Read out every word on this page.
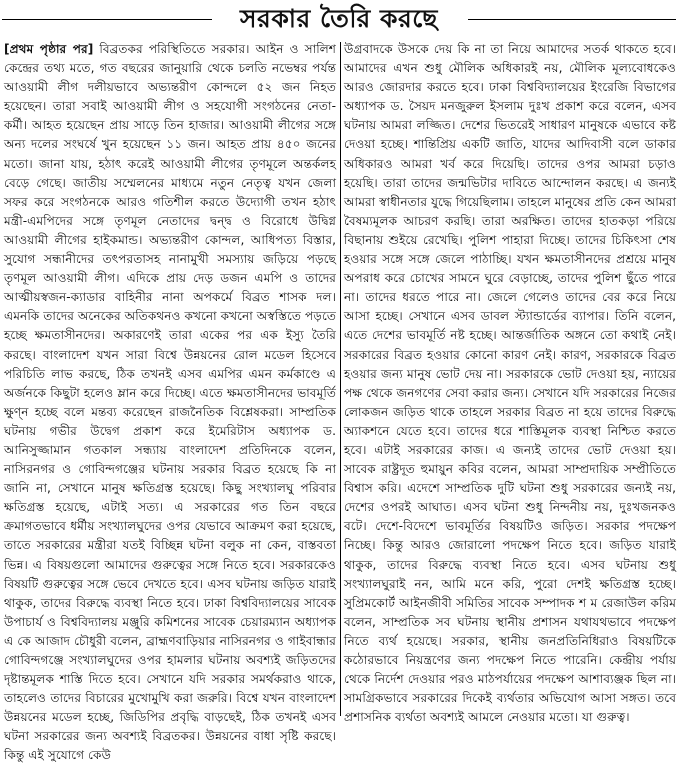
সরকার তৈরি করছে

[প্রথম পৃষ্ঠার পর] বিব্রতকর পরিস্থিতিতে সরকার। আইন ও সালিশ কেন্দ্রের তথ্য মতে, গত বছরের জানুয়ারি থেকে চলতি নভেম্বর পর্যন্ত আওয়ামী লীগ দলীয়ভাবে অভ্যন্তরীণ কোন্দলে ৫২ জন নিহত হয়েছেন। তারা সবাই আওয়ামী লীগ ও সহযোগী সংগঠনের নেতা-কর্মী। আহত হয়েছেন প্রায় সাড়ে তিন হাজার। আওয়ামী লীগের সঙ্গে অন্য দলের সংঘর্ষে খুন হয়েছেন ১১ জন। আহত প্রায় ৪৫০ জনের মতো। জানা যায়, হঠাৎ করেই আওয়ামী লীগের তৃণমূলে অন্তর্কলহ বেড়ে গেছে। জাতীয় সম্মেলনের মাধ্যমে নতুন নেতৃত্ব যখন জেলা সফর করে সংগঠনকে আরও গতিশীল করতে উদ্যোগী তখন হঠাৎ মন্ত্রী-এমপিদের সঙ্গে তৃণমূল নেতাদের দ্বন্দ্ব ও বিরোধে উদ্বিগ্ন আওয়ামী লীগের হাইকমান্ড। অভ্যন্তরীণ কোন্দল, আধিপত্য বিস্তার, সুযোগ সন্ধানীদের তৎপরতাসহ নানামুখী সমস্যায় জড়িয়ে পড়ছে তৃণমূল আওয়ামী লীগ। এদিকে প্রায় দেড় ডজন এমপি ও তাদের আত্মীয়স্বজন-ক্যাডার বাহিনীর নানা অপকর্মে বিব্রত শাসক দল। এমনকি তাদের অনেকের অতিকথনও কখনো কখনো অস্বস্তিতে পড়তে হচ্ছে ক্ষমতাসীনদের। অকারণেই তারা একের পর এক ইস্যু তৈরি করছে। বাংলাদেশ যখন সারা বিশ্বে উন্নয়নের রোল মডেল হিসেবে পরিচিতি লাভ করছে, ঠিক তখনই এসব এমপির এমন কর্মকাণ্ডে এ অর্জনকে কিছুটা হলেও ম্লান করে দিচ্ছে। এতে ক্ষমতাসীনদের ভাবমূর্তি ক্ষুণ্ন হচ্ছে বলে মন্তব্য করেছেন রাজনৈতিক বিশ্লেষকরা। সাম্প্রতিক ঘটনায় গভীর উদ্বেগ প্রকাশ করে ইমেরিটাস অধ্যাপক ড. আনিসুজ্জামান গতকাল সন্ধ্যায় বাংলাদেশ প্রতিদিনকে বলেন, নাসিরনগর ও গোবিন্দগঞ্জের ঘটনায় সরকার বিব্রত হয়েছে কি না জানি না, সেখানে মানুষ ক্ষতিগ্রস্ত হয়েছে। কিছু সংখ্যালঘু পরিবার ক্ষতিগ্রস্ত হয়েছে, এটাই সত্য। এ সরকারের গত তিন বছরে ক্রমাগতভাবে ধর্মীয় সংখ্যালঘুদের ওপর যেভাবে আক্রমণ করা হয়েছে, তাতে সরকারের মন্ত্রীরা যতই বিচ্ছিন্ন ঘটনা বলুক না কেন, বাস্তবতা ভিন্ন। এ বিষয়গুলো আমাদের গুরুত্বের সঙ্গে নিতে হবে। সরকারকেও বিষয়টি গুরুত্বের সঙ্গে ভেবে দেখতে হবে। এসব ঘটনায় জড়িত যারাই থাকুক, তাদের বিরুদ্ধে ব্যবস্থা নিতে হবে। ঢাকা বিশ্ববিদ্যালয়ের সাবেক উপাচার্য ও বিশ্ববিদ্যালয় মঞ্জুরি কমিশনের সাবেক চেয়ারম্যান অধ্যাপক এ কে আজাদ চৌধুরী বলেন, ব্রাহ্মণবাড়িয়ার নাসিরনগর ও গাইবান্ধার গোবিন্দগঞ্জে সংখ্যালঘুদের ওপর হামলার ঘটনায় অবশ্যই জড়িতদের দৃষ্টান্তমূলক শাস্তি দিতে হবে। সেখানে যদি সরকার সমর্থকরাও থাকে, তাহলেও তাদের বিচারের মুখোমুখি করা জরুরি। বিশ্বে যখন বাংলাদেশ উন্নয়নের মডেল হচ্ছে, জিডিপির প্রবৃদ্ধি বাড়ছেই, ঠিক তখনই এসব ঘটনা সরকারের জন্য অবশ্যই বিব্রতকর। উন্নয়নের বাধা সৃষ্টি করছে। কিন্তু এই সুযোগে কেউ

উগ্রবাদকে উসকে দেয় কি না তা নিয়ে আমাদের সতর্ক থাকতে হবে। আমাদের এখন শুধু মৌলিক অধিকারই নয়, মৌলিক মূল্যবোধকেও আরও জোরদার করতে হবে। ঢাকা বিশ্ববিদ্যালয়ের ইংরেজি বিভাগের অধ্যাপক ড. সৈয়দ মনজুরুল ইসলাম দুঃখ প্রকাশ করে বলেন, এসব ঘটনায় আমরা লজ্জিত। দেশের ভিতরেই সাধারণ মানুষকে এভাবে কষ্ট দেওয়া হচ্ছে। শান্তিপ্রিয় একটি জাতি, যাদের আদিবাসী বলে ডাকার অধিকারও আমরা খর্ব করে দিয়েছি। তাদের ওপর আমরা চড়াও হয়েছি। তারা তাদের জন্মভিটার দাবিতে আন্দোলন করছে। এ জন্যই আমরা স্বাধীনতার যুদ্ধে গিয়েছিলাম। তাহলে মানুষের প্রতি কেন আমরা বৈষম্যমূলক আচরণ করছি। তারা অরক্ষিত। তাদের হাতকড়া পরিয়ে বিছানায় শুইয়ে রেখেছি। পুলিশ পাহারা দিচ্ছে। তাদের চিকিৎসা শেষ হওয়ার সঙ্গে সঙ্গে জেলে পাঠাচ্ছি। যখন ক্ষমতাসীনদের প্রশ্রয়ে মানুষ অপরাধ করে চোখের সামনে ঘুরে বেড়াচ্ছে, তাদের পুলিশ ছুঁতে পারে না। তাদের ধরতে পারে না। জেলে গেলেও তাদের বের করে নিয়ে আসা হচ্ছে। সেখানে এসব ডাবল স্ট্যান্ডার্ডের ব্যাপার। তিনি বলেন, এতে দেশের ভাবমূর্তি নষ্ট হচ্ছে। আন্তর্জাতিক অঙ্গনে তো কথাই নেই। সরকারের বিব্রত হওয়ার কোনো কারণ নেই। কারণ, সরকারকে বিব্রত হওয়ার জন্য মানুষ ভোট দেয় না। সরকারকে ভোট দেওয়া হয়, ন্যায়ের পক্ষ থেকে জনগণের সেবা করার জন্য। সেখানে যদি সরকারের নিজের লোকজন জড়িত থাকে তাহলে সরকার বিব্রত না হয়ে তাদের বিরুদ্ধে অ্যাকশনে যেতে হবে। তাদের ধরে শাস্তিমূলক ব্যবস্থা নিশ্চিত করতে হবে। এটাই সরকারের কাজ। এ জন্যই তাদের ভোট দেওয়া হয়। সাবেক রাষ্ট্রদূত হুমায়ুন কবির বলেন, আমরা সাম্প্রদায়িক সম্প্রীতিতে বিশ্বাস করি। এদেশে সাম্প্রতিক দুটি ঘটনা শুধু সরকারের জন্যই নয়, দেশের ওপরই আঘাত। এসব ঘটনা শুধু নিন্দনীয় নয়, দুঃখজনকও বটে। দেশে-বিদেশে ভাবমূর্তির বিষয়টিও জড়িত। সরকার পদক্ষেপ নিচ্ছে। কিন্তু আরও জোরালো পদক্ষেপ নিতে হবে। জড়িত যারাই থাকুক, তাদের বিরুদ্ধে ব্যবস্থা নিতে হবে। এসব ঘটনায় শুধু সংখ্যালঘুরাই নন, আমি মনে করি, পুরো দেশই ক্ষতিগ্রস্ত হচ্ছে। সুপ্রিমকোর্ট আইনজীবী সমিতির সাবেক সম্পাদক শ ম রেজাউল করিম বলেন, সাম্প্রতিক সব ঘটনায় স্থানীয় প্রশাসন যথাযথভাবে পদক্ষেপ নিতে ব্যর্থ হয়েছে। সরকার, স্থানীয় জনপ্রতিনিধিরাও বিষয়টিকে কঠোরভাবে নিয়ন্ত্রণের জন্য পদক্ষেপ নিতে পারেনি। কেন্দ্রীয় পর্যায় থেকে নির্দেশ দেওয়ার পরও মাঠপর্যায়ের পদক্ষেপ আশাব্যঞ্জক ছিল না। সামগ্রিকভাবে সরকারের দিকেই ব্যর্থতার অভিযোগ আসা সঙ্গত। তবে প্রশাসনিক ব্যর্থতা অবশ্যই আমলে নেওয়ার মতো। যা গুরুত্ব।
